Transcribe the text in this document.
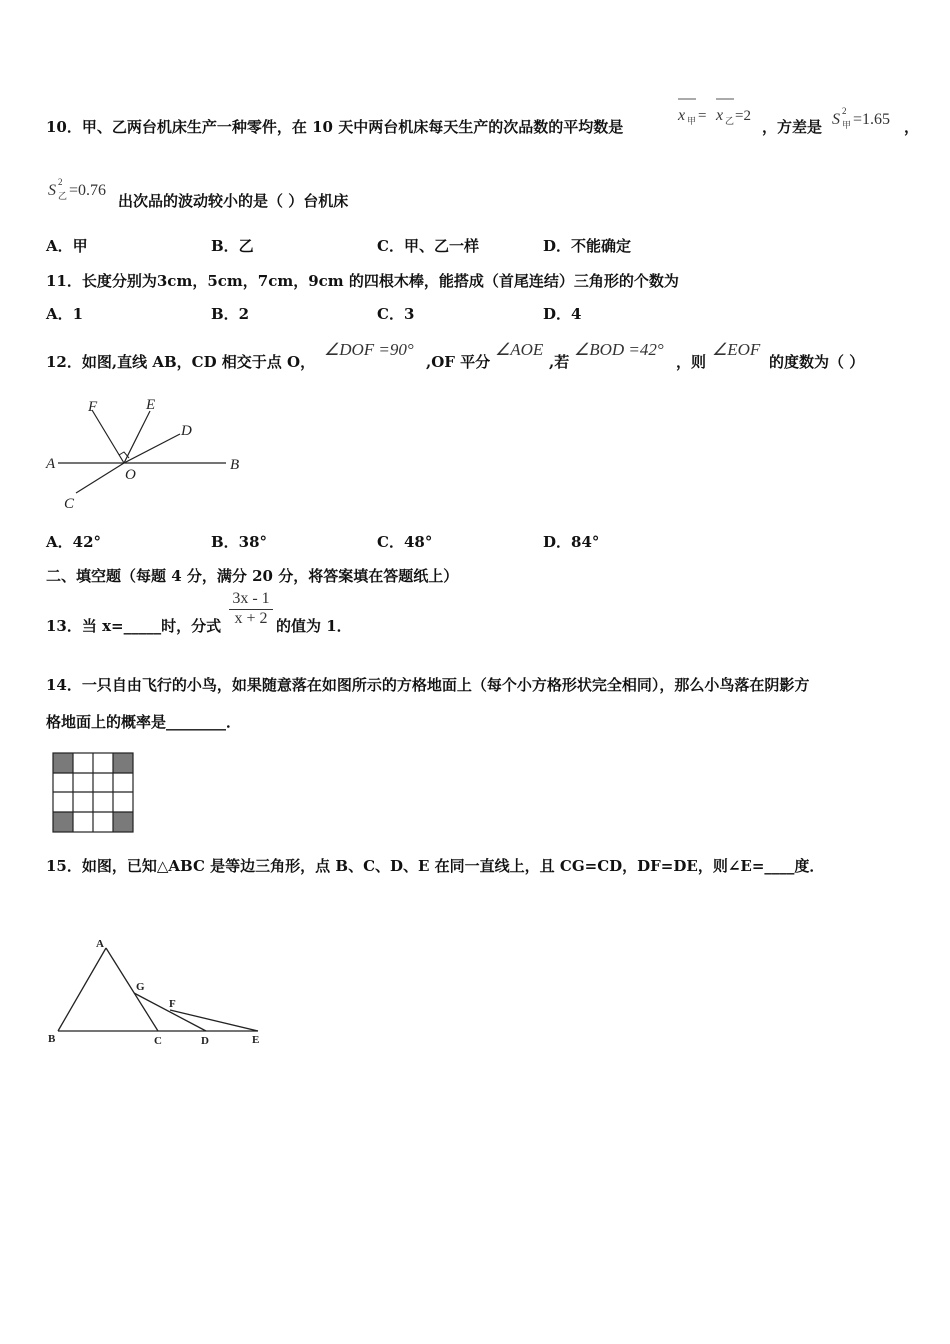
10．甲、乙两台机床生产一种零件，在 10 天中两台机床每天生产的次品数的平均数是
x 甲 = x 乙 =2
，方差是 S 2
甲 =1.65 ，
S 2
乙 =0.76
出次品的波动较小的是（ ）台机床
A．甲	B．乙	C．甲、乙一样	D．不能确定
11．长度分别为3cm，5cm，7cm，9cm 的四根木棒，能搭成（首尾连结）三角形的个数为
A．1	B．2	C．3	D．4
12．如图,直线 AB，CD 相交于点 O，
∠DOF =90°
,OF 平分
∠AOE
,若
∠BOD =42°
，则
∠EOF
的度数为（ ）
F	E
D
A
O
B
C
A．42°	B．38°	C．48°	D．84°
二、填空题（每题 4 分，满分 20 分，将答案填在答题纸上）
13．当 x=_____时，分式 $\frac{3x - 1}{x + 2}$ 的值为 1．
14．一只自由飞行的小鸟，如果随意落在如图所示的方格地面上（每个小方格形状完全相同），那么小鸟落在阴影方
格地面上的概率是________．
15．如图，已知△ABC 是等边三角形，点 B、C、D、E 在同一直线上，且 CG=CD，DF=DE，则∠E=____度．
A
G
F
B	C	D	E
